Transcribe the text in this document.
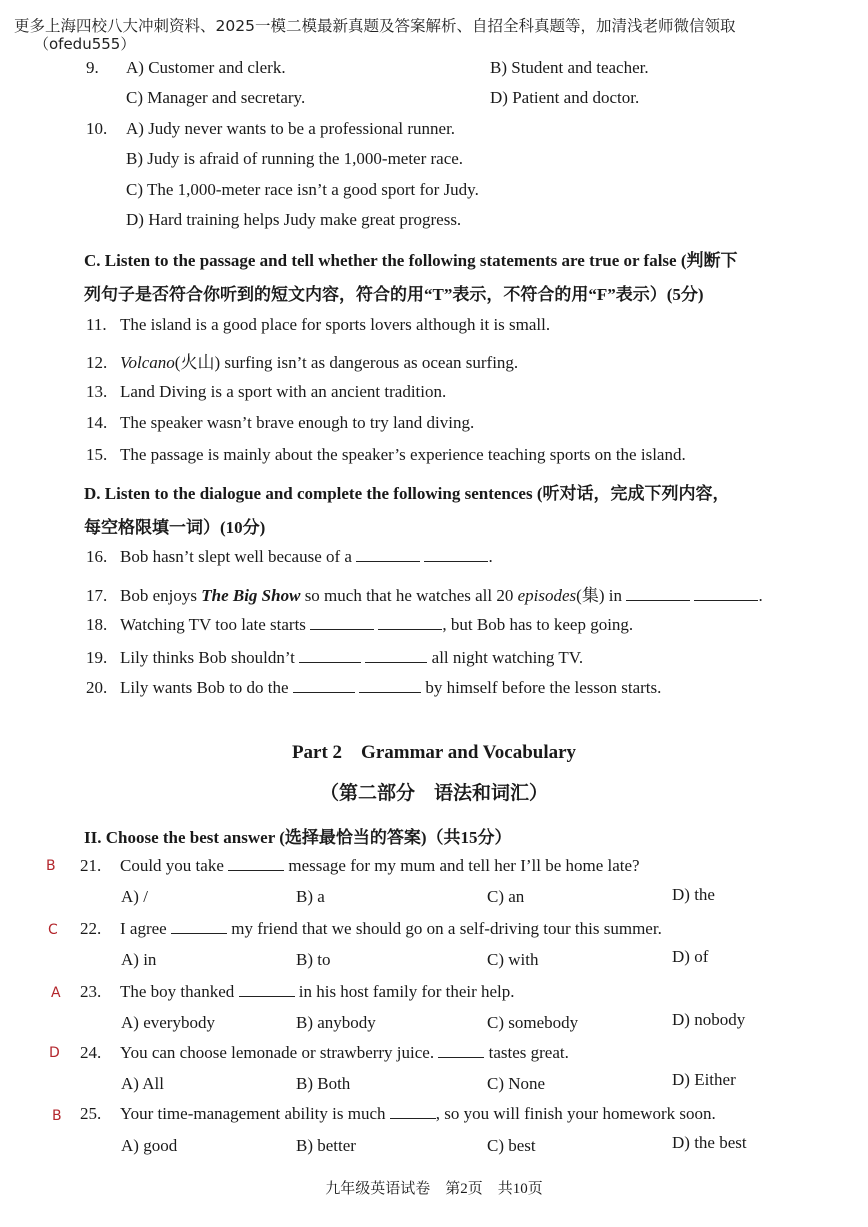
更多上海四校八大冲刺资料、2025一模二模最新真题及答案解析、自招全科真题等，加清浅老师微信领取
（ofedu555）
9. A) Customer and clerk.	B) Student and teacher.
C) Manager and secretary.	D) Patient and doctor.
10. A) Judy never wants to be a professional runner.
B) Judy is afraid of running the 1,000-meter race.
C) The 1,000-meter race isn’t a good sport for Judy.
D) Hard training helps Judy make great progress.
C. Listen to the passage and tell whether the following statements are true or false (判断下
列句子是否符合你听到的短文内容，符合的用“T”表示，不符合的用“F”表示）(5分)
11. The island is a good place for sports lovers although it is small.
12. Volcano(火山) surfing isn’t as dangerous as ocean surfing.
13. Land Diving is a sport with an ancient tradition.
14. The speaker wasn’t brave enough to try land diving.
15. The passage is mainly about the speaker’s experience teaching sports on the island.
D. Listen to the dialogue and complete the following sentences (听对话，完成下列内容，
每空格限填一词）(10分)
16. Bob hasn’t slept well because of a	.
17. Bob enjoys The Big Show so much that he watches all 20 episodes(集) in	.
18. Watching TV too late starts	, but Bob has to keep going.
19. Lily thinks Bob shouldn’t	all night watching TV.
20. Lily wants Bob to do the	by himself before the lesson starts.
Part 2    Grammar and Vocabulary
（第二部分    语法和词汇）
II. Choose the best answer (选择最恰当的答案)（共15分）
B 21. Could you take	message for my mum and tell her I’ll be home late?
A) /	B) a	C) an	D) the
C 22. I agree	my friend that we should go on a self-driving tour this summer.
A) in	B) to	C) with	D) of
A 23. The boy thanked	in his host family for their help.
A) everybody	B) anybody	C) somebody	D) nobody
D 24. You can choose lemonade or strawberry juice.	tastes great.
A) All	B) Both	C) None	D) Either
B 25. Your time-management ability is much	, so you will finish your homework soon.
A) good	B) better	C) best	D) the best
九年级英语试卷    第2页    共10页
